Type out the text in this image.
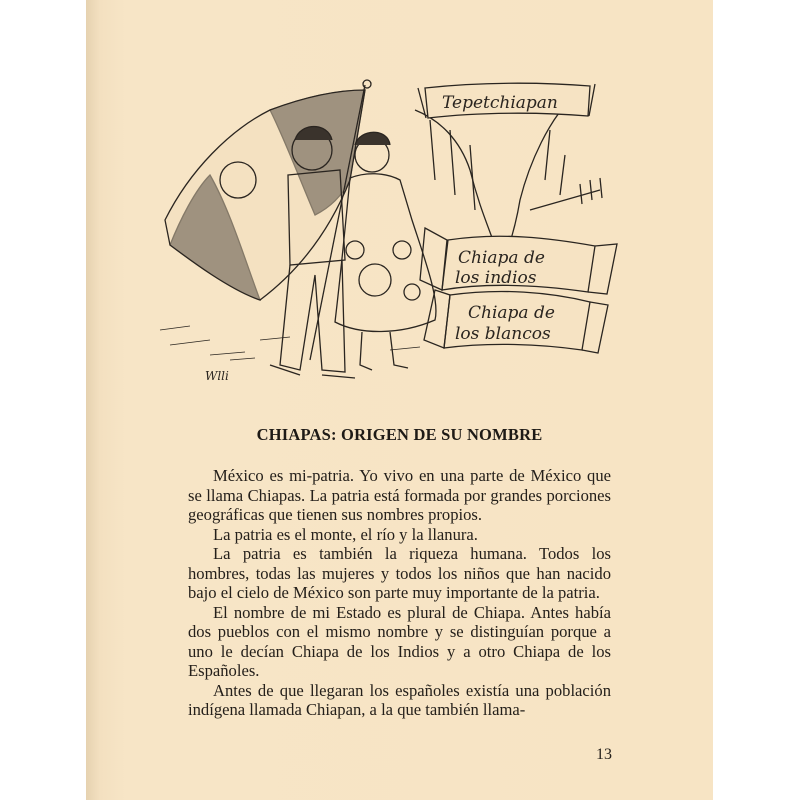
Wlli
Tepetchiapan
Chiapa de
los indios
Chiapa de
los blancos
CHIAPAS: ORIGEN DE SU NOMBRE

México es mi-patria. Yo vivo en una parte de México que se llama Chiapas. La patria está formada por grandes porciones geográficas que tienen sus nombres propios.

La patria es el monte, el río y la llanura.

La patria es también la riqueza humana. Todos los hombres, todas las mujeres y todos los niños que han nacido bajo el cielo de México son parte muy importante de la patria.

El nombre de mi Estado es plural de Chiapa. Antes había dos pueblos con el mismo nombre y se distinguían porque a uno le decían Chiapa de los Indios y a otro Chiapa de los Españoles.

Antes de que llegaran los españoles existía una población indígena llamada Chiapan, a la que también llama-

13
